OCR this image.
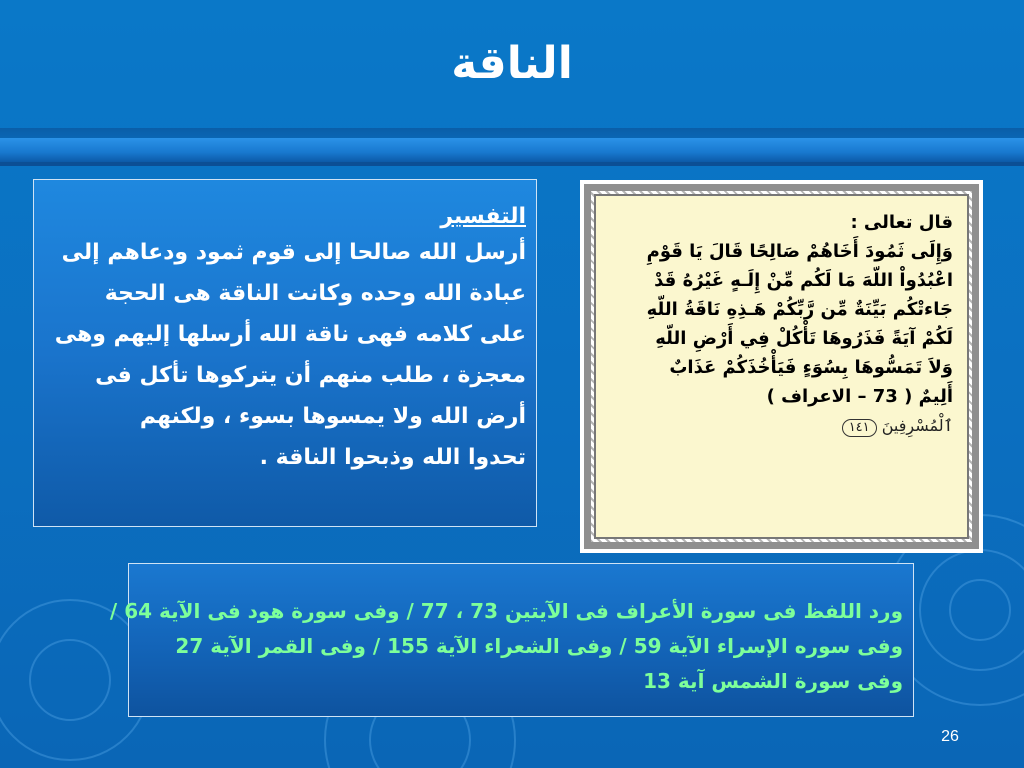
الناقة
التفسير
أرسل الله صالحا إلى قوم ثمود ودعاهم إلى
عبادة الله وحده وكانت الناقة هى الحجة
على كلامه فهى ناقة الله أرسلها إليهم وهى
معجزة ، طلب منهم أن يتركوها تأكل فى
أرض الله ولا يمسوها بسوء ، ولكنهم
تحدوا الله وذبحوا الناقة .
قال تعالى :
وَإِلَى ثَمُودَ أَخَاهُمْ صَالِحًا قَالَ يَا قَوْمِ
اعْبُدُواْ اللّهَ مَا لَكُم مِّنْ إِلَـهٍ غَيْرُهُ قَدْ
جَاءتْكُم بَيِّنَةٌ مِّن رَّبِّكُمْ هَـذِهِ نَاقَةُ اللّهِ
لَكُمْ آيَةً فَذَرُوهَا تَأْكُلْ فِي أَرْضِ اللّهِ
وَلاَ تَمَسُّوهَا بِسُوَءٍ فَيَأْخُذَكُمْ عَذَابٌ
أَلِيمٌ ( 73 – الاعراف )
ٱلْمُسْرِفِينَ ١٤١
ورد اللفظ فى سورة الأعراف فى الآيتين 73 ، 77 / وفى سورة هود فى الآية 64 /
وفى سوره الإسراء الآية 59 / وفى الشعراء الآية 155 / وفى القمر الآية 27
وفى سورة الشمس آية 13
26
